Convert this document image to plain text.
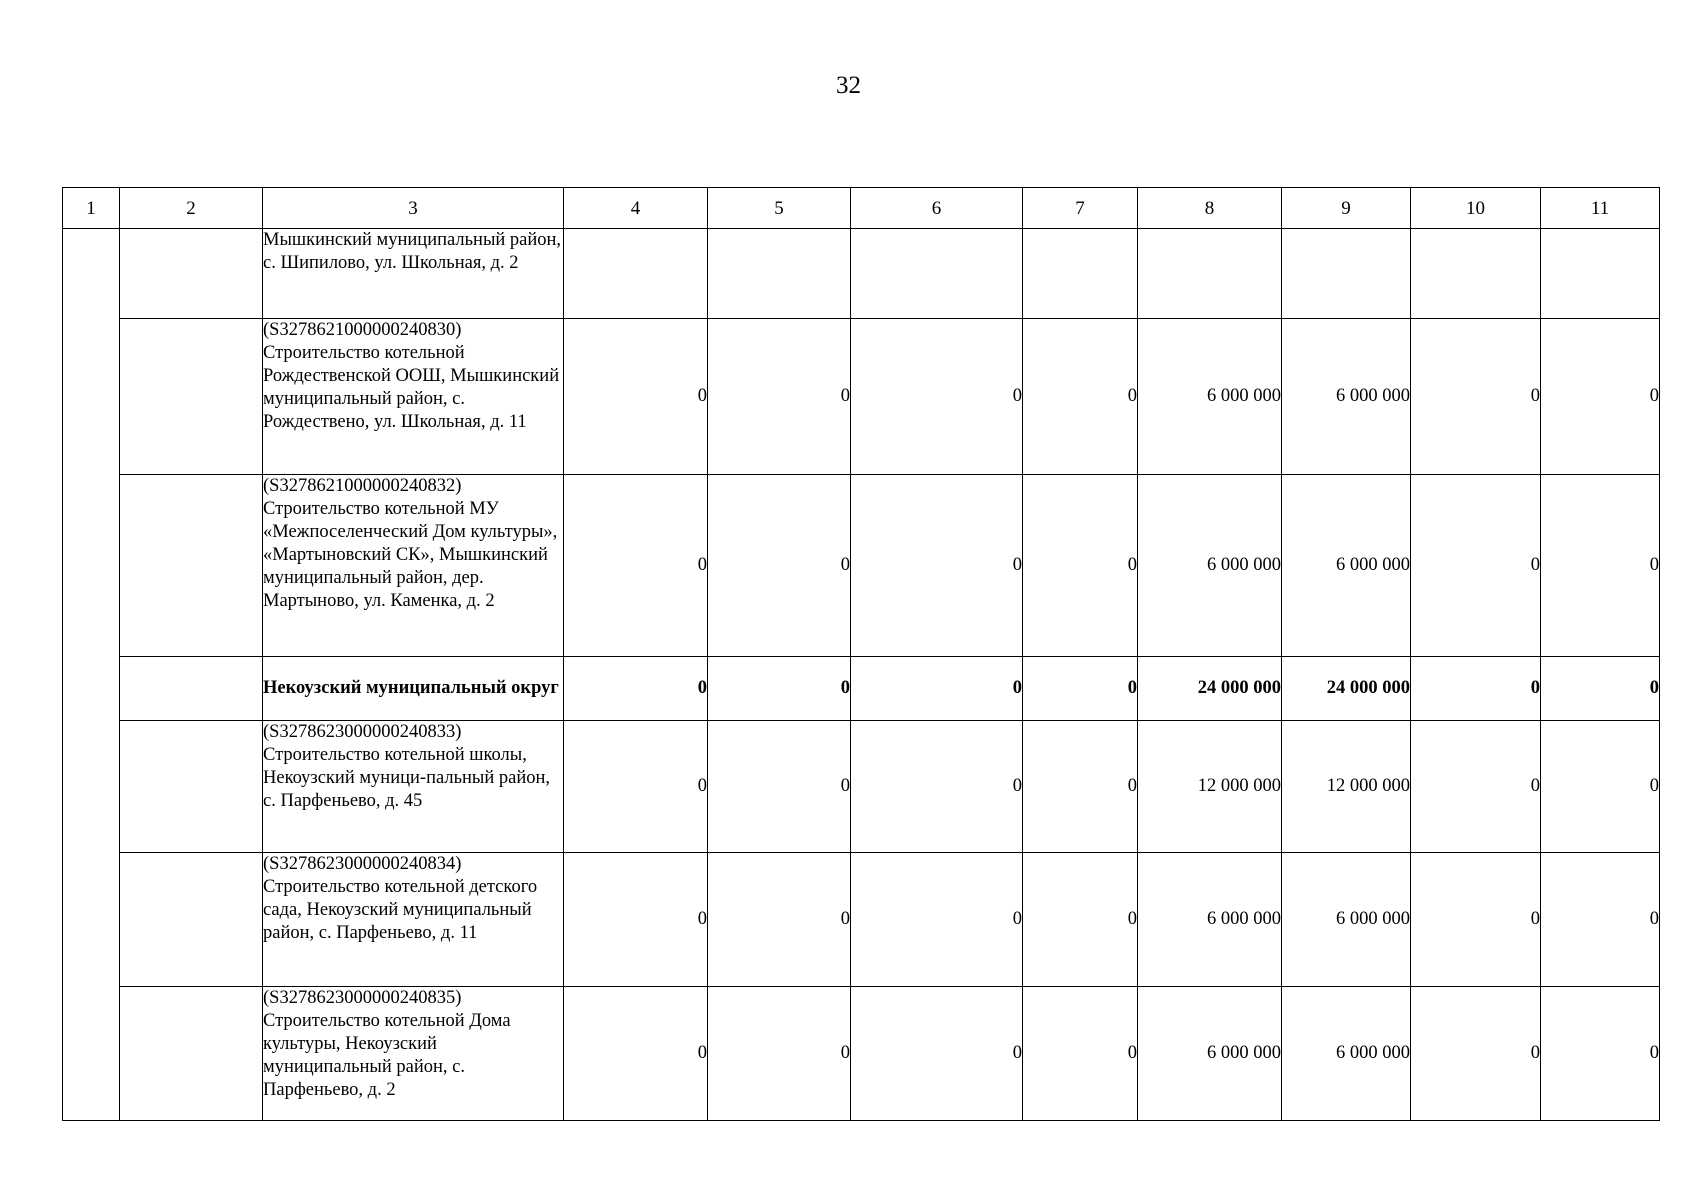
32
1	2	3	4	5	6	7	8	9	10	11
		Мышкинский муниципальный район, с. Шипилово, ул. Школьная, д. 2								
		(S3278621000000240830) Строительство котельной Рождественской ООШ, Мышкинский муниципальный район, с. Рождествено, ул. Школьная, д. 11	0	0	0	0	6 000 000	6 000 000	0	0
		(S3278621000000240832) Строительство котельной МУ «Межпоселенческий Дом культуры», «Мартыновский СК», Мышкинский муниципальный район, дер. Мартыново, ул. Каменка, д. 2	0	0	0	0	6 000 000	6 000 000	0	0
		Некоузский муниципальный округ	0	0	0	0	24 000 000	24 000 000	0	0
		(S3278623000000240833) Строительство котельной школы, Некоузский муници-пальный район, с. Парфеньево, д. 45	0	0	0	0	12 000 000	12 000 000	0	0
		(S3278623000000240834) Строительство котельной детского сада, Некоузский муниципальный район, с. Парфеньево, д. 11	0	0	0	0	6 000 000	6 000 000	0	0
		(S3278623000000240835) Строительство котельной Дома культуры, Некоузский муниципальный район, с. Парфеньево, д. 2	0	0	0	0	6 000 000	6 000 000	0	0
